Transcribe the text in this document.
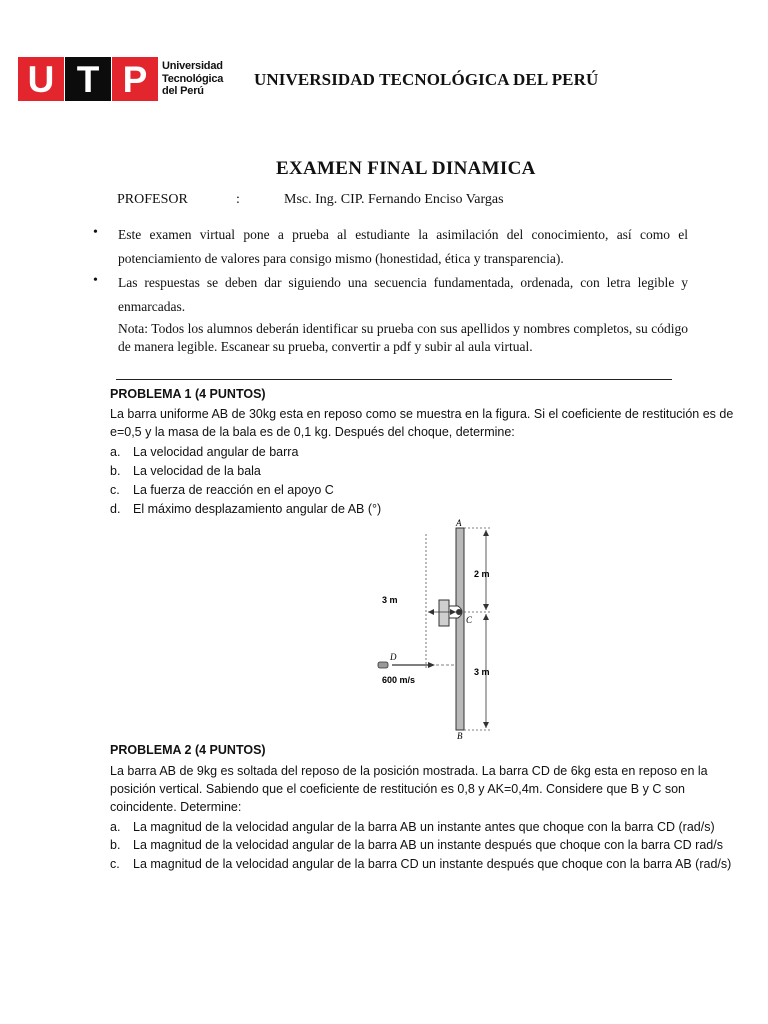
U T P	Universidad
Tecnológica
del Perú
UNIVERSIDAD TECNOLÓGICA DEL PERÚ
EXAMEN FINAL DINAMICA
PROFESOR	:	Msc. Ing. CIP. Fernando Enciso Vargas
• Este examen virtual pone a prueba al estudiante la asimilación del conocimiento, así como el potenciamiento de valores para consigo mismo (honestidad, ética y transparencia).
• Las respuestas se deben dar siguiendo una secuencia fundamentada, ordenada, con letra legible y enmarcadas.
Nota: Todos los alumnos deberán identificar su prueba con sus apellidos y nombres completos, su código de manera legible. Escanear su prueba, convertir a pdf y subir al aula virtual.
PROBLEMA 1 (4 PUNTOS)
La barra uniforme AB de 30kg esta en reposo como se muestra en la figura. Si el coeficiente de restitución es de e=0,5 y la masa de la bala es de 0,1 kg. Después del choque, determine:
a. La velocidad angular de barra
b. La velocidad de la bala
c. La fuerza de reacción en el apoyo C
d. El máximo desplazamiento angular de AB (°)
A
B
C
D
2 m
3 m
3 m
600 m/s
PROBLEMA 2 (4 PUNTOS)
La barra AB de 9kg es soltada del reposo de la posición mostrada. La barra CD de 6kg esta en reposo en la posición vertical. Sabiendo que el coeficiente de restitución es 0,8 y AK=0,4m. Considere que B y C son coincidente. Determine:
a. La magnitud de la velocidad angular de la barra AB un instante antes que choque con la barra CD (rad/s)
b. La magnitud de la velocidad angular de la barra AB un instante después que choque con la barra CD rad/s
c. La magnitud de la velocidad angular de la barra CD un instante después que choque con la barra AB (rad/s)
